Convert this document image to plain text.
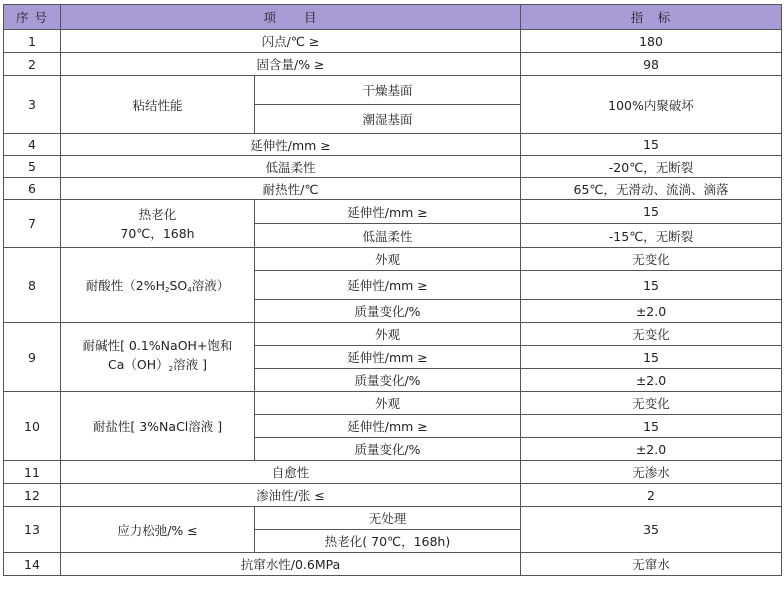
序 号	项　　目		指　标
1	闪点/℃ ≥		180
2	固含量/% ≥		98
3	粘结性能	干燥基面	100%内聚破坏
		潮湿基面	
4	延伸性/mm ≥		15
5	低温柔性		-20℃，无断裂
6	耐热性/℃		65℃，无滑动、流淌、滴落
7	热老化
70℃，168h	延伸性/mm ≥	15
		低温柔性	-15℃，无断裂
8	耐酸性（$2\%H_2SO_4$溶液）	外观	无变化
		延伸性/mm ≥	15
		质量变化/%	±2.0
9	耐碱性[ 0.1%NaOH+饱和
$Ca(OH)_2$溶液 ]	外观	无变化
		延伸性/mm ≥	15
		质量变化/%	±2.0
10	耐盐性[ 3%NaCl溶液 ]	外观	无变化
		延伸性/mm ≥	15
		质量变化/%	±2.0
11	自愈性		无渗水
12	渗油性/张 ≤		2
13	应力松弛/% ≤	无处理	35
		热老化( 70℃，168h)	
14	抗窜水性/0.6MPa		无窜水
